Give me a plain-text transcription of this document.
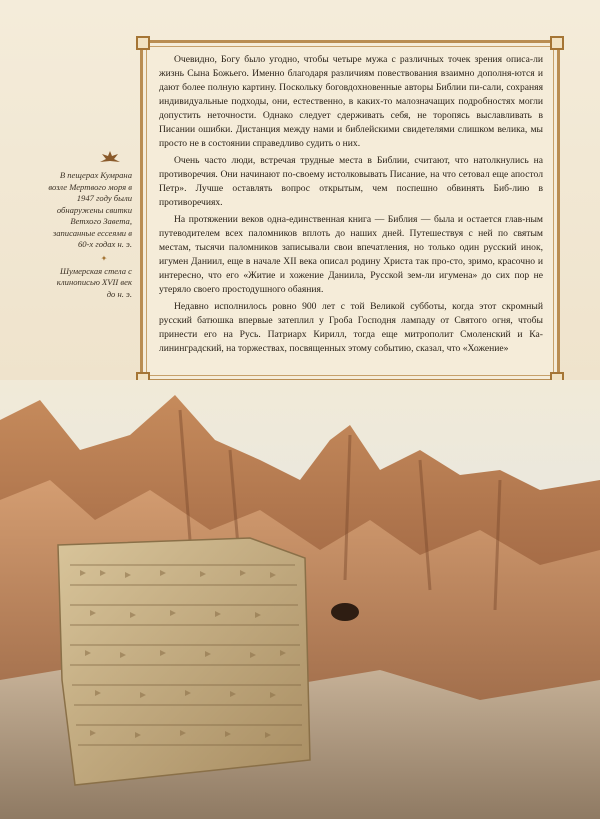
В пещерах Кумрана возле Мертвого моря в 1947 году были обнаружены свитки Ветхого Завета, записанные ессеями в 60-х годах н. э.

✦

Шумерская стела с клинописью XVII век до н. э.

Очевидно, Богу было угодно, чтобы четыре мужа с различных точек зрения описа-ли жизнь Сына Божьего. Именно благодаря различиям повествования взаимно дополня-ются и дают более полную картину. Поскольку боговдохновенные авторы Библии пи-сали, сохраняя индивидуальные подходы, они, естественно, в каких-то малозначащих подробностях могли допустить неточности. Однако следует сдерживать себя, не торопясь выславливать в Писании ошибки. Дистанция между нами и библейскими свидетелями слишком велика, мы просто не в состоянии справедливо судить о них.

Очень часто люди, встречая трудные места в Библии, считают, что натолкнулись на противоречия. Они начинают по-своему истолковывать Писание, на что сетовал еще апостол Петр». Лучше оставлять вопрос открытым, чем поспешно обвинять Биб-лию в противоречиях.

На протяжении веков одна-единственная книга — Библия — была и остается глав-ным путеводителем всех паломников вплоть до наших дней. Путешествуя с ней по святым местам, тысячи паломников записывали свои впечатления, но только один русский инок, игумен Даниил, еще в начале XII века описал родину Христа так про-сто, зримо, красочно и интересно, что его «Житие и хожение Даниила, Русской зем-ли игумена» до сих пор не утеряло своего простодушного обаяния.

Недавно исполнилось ровно 900 лет с той Великой субботы, когда этот скромный русский батюшка впервые затеплил у Гроба Господня лампаду от Святого огня, чтобы принести его на Русь. Патриарх Кирилл, тогда еще митрополит Смоленский и Ка-лининградский, на торжествах, посвященных этому событию, сказал, что «Хожение»
